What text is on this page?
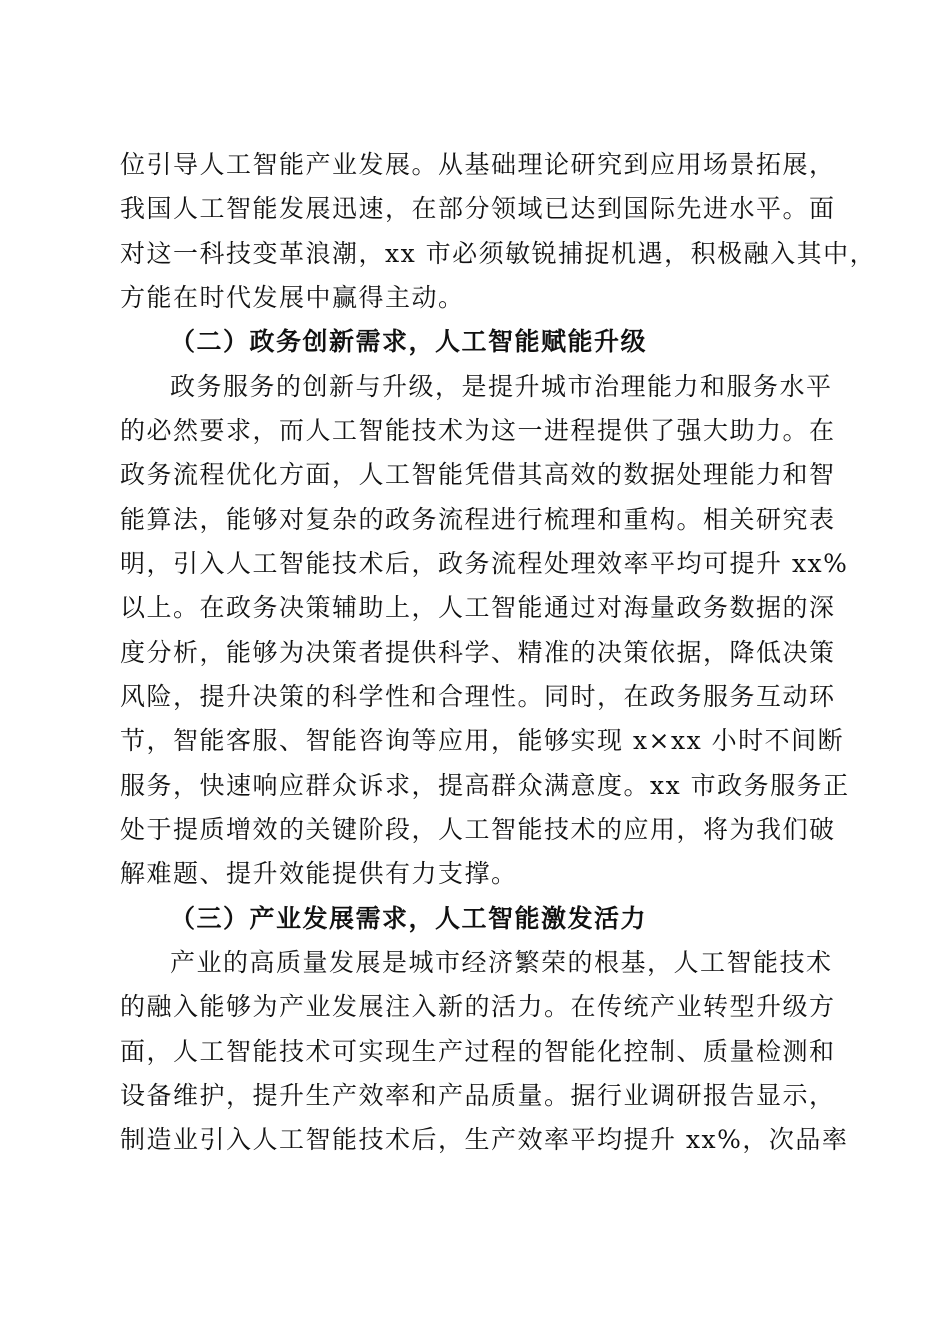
位引导人工智能产业发展。从基础理论研究到应用场景拓展，
我国人工智能发展迅速，在部分领域已达到国际先进水平。面
对这一科技变革浪潮，xx 市必须敏锐捕捉机遇，积极融入其中，
方能在时代发展中赢得主动。
（二）政务创新需求，人工智能赋能升级
政务服务的创新与升级，是提升城市治理能力和服务水平
的必然要求，而人工智能技术为这一进程提供了强大助力。在
政务流程优化方面，人工智能凭借其高效的数据处理能力和智
能算法，能够对复杂的政务流程进行梳理和重构。相关研究表
明，引入人工智能技术后，政务流程处理效率平均可提升 xx%
以上。在政务决策辅助上，人工智能通过对海量政务数据的深
度分析，能够为决策者提供科学、精准的决策依据，降低决策
风险，提升决策的科学性和合理性。同时，在政务服务互动环
节，智能客服、智能咨询等应用，能够实现 x×xx 小时不间断
服务，快速响应群众诉求，提高群众满意度。xx 市政务服务正
处于提质增效的关键阶段，人工智能技术的应用，将为我们破
解难题、提升效能提供有力支撑。
（三）产业发展需求，人工智能激发活力
产业的高质量发展是城市经济繁荣的根基，人工智能技术
的融入能够为产业发展注入新的活力。在传统产业转型升级方
面，人工智能技术可实现生产过程的智能化控制、质量检测和
设备维护，提升生产效率和产品质量。据行业调研报告显示，
制造业引入人工智能技术后，生产效率平均提升 xx%，次品率
